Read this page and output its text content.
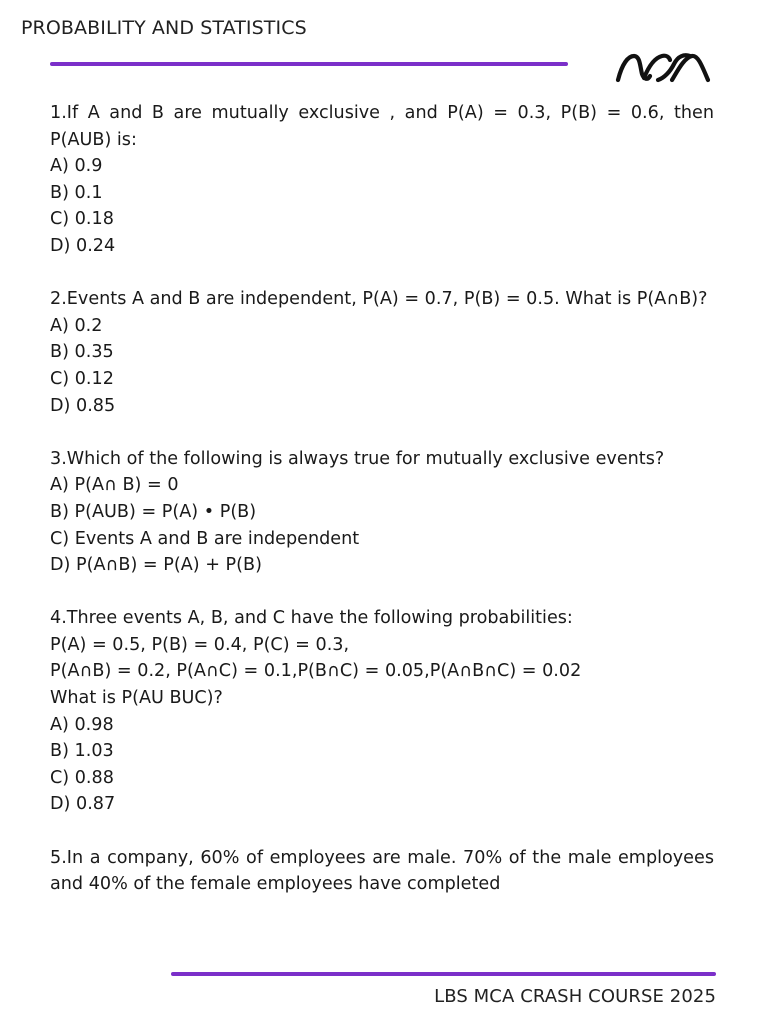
PROBABILITY AND STATISTICS
1.If A and B are mutually exclusive , and P(A) = 0.3, P(B) = 0.6, then P(AUB) is:
A) 0.9
B) 0.1
C) 0.18
D) 0.24
2.Events A and B are independent, P(A) = 0.7, P(B) = 0.5. What is P(A∩B)?
A) 0.2
B) 0.35
C) 0.12
D) 0.85
3.Which of the following is always true for mutually exclusive events?
A) P(A∩ B) = 0
B) P(AUB) = P(A) • P(B)
C) Events A and B are independent
D) P(A∩B) = P(A) + P(B)
4.Three events A, B, and C have the following probabilities:
P(A) = 0.5, P(B) = 0.4, P(C) = 0.3,
P(A∩B) = 0.2, P(A∩C) = 0.1,P(B∩C) = 0.05,P(A∩B∩C) = 0.02
What is P(AU BUC)?
A) 0.98
B) 1.03
C) 0.88
D) 0.87
5.In a company, 60% of employees are male. 70% of the male employees and 40% of the female employees have completed
LBS MCA CRASH COURSE 2025
